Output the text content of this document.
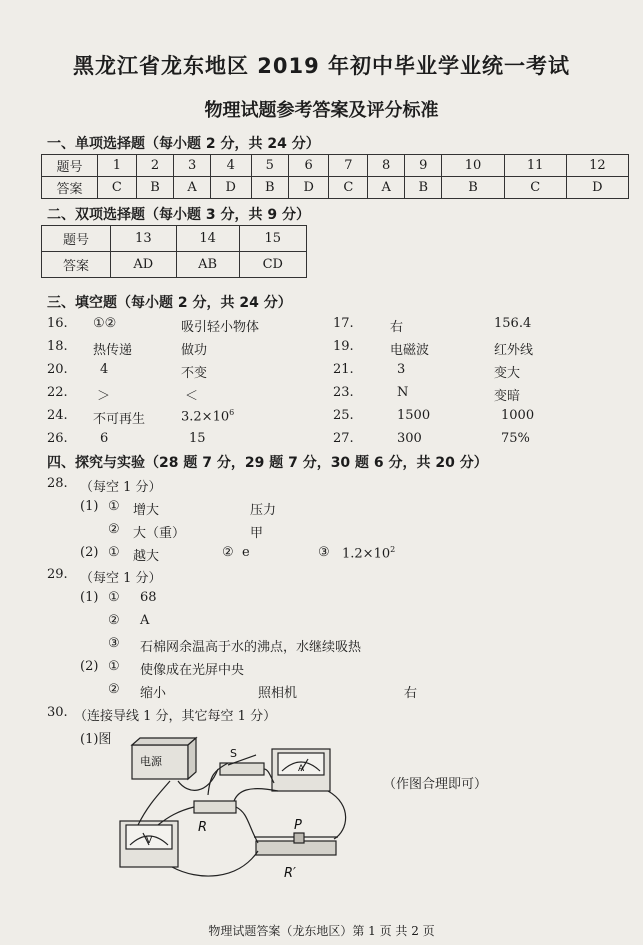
黑龙江省龙东地区 2019 年初中毕业学业统一考试
物理试题参考答案及评分标准
一、单项选择题（每小题 2 分，共 24 分）
题号	1	2	3	4	5	6	7	8	9	10	11	12
答案	C	B	A	D	B	D	C	A	B	B	C	D
二、双项选择题（每小题 3 分，共 9 分）
题号	13	14	15
答案	AD	AB	CD
三、填空题（每小题 2 分，共 24 分）
16. ①②	吸引轻小物体	17.	右	156.4
18. 热传递	做功	19.	电磁波	红外线
20. 4	不变	21.	3	变大
22. ＞	＜	23.	N	变暗
24. 不可再生	$3.2\times 10^6$	25.	1500	1000
26. 6	15	27.	300	75%
四、探究与实验（28 题 7 分，29 题 7 分，30 题 6 分，共 20 分）
28. （每空 1 分）
(1) ① 增大	压力
② 大（重）	甲
(2) ① 越大	② e	③ $1.2\times 10^2$
29. （每空 1 分）
(1) ① 68
② A
③ 石棉网余温高于水的沸点，水继续吸热
(2) ① 使像成在光屏中央
② 缩小	照相机	右
30. （连接导线 1 分，其它每空 1 分）
(1)图
电源
S
A
V
R	P
R′
（作图合理即可）
物理试题答案（龙东地区）第 1 页 共 2 页
